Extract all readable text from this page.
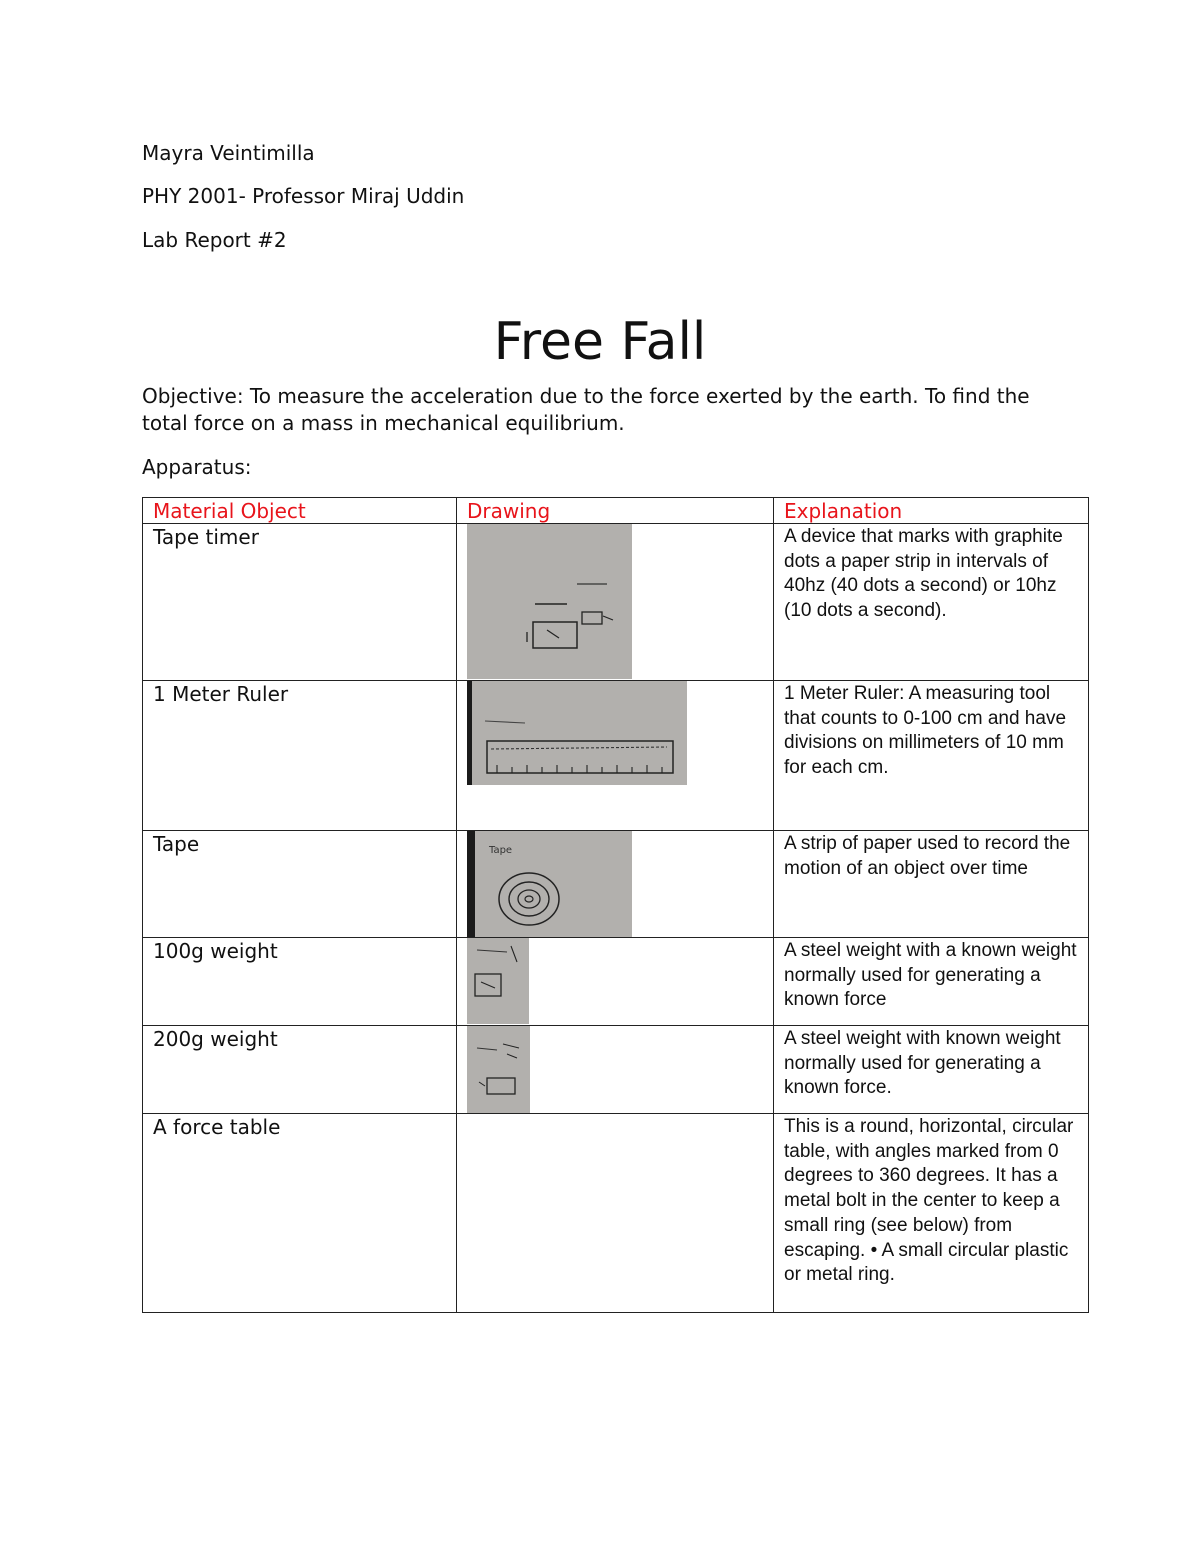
Mayra Veintimilla
PHY 2001- Professor Miraj Uddin
Lab Report #2
Free Fall
Objective: To measure the acceleration due to the force exerted by the earth. To find the total force on a mass in mechanical equilibrium.
Apparatus:
Material Object	Drawing	Explanation
Tape timer		A device that marks with graphite dots a paper strip in intervals of 40hz (40 dots a second) or 10hz (10 dots a second).
1 Meter Ruler		1 Meter Ruler: A measuring tool that counts to 0-100 cm and have divisions on millimeters of 10 mm for each cm.
Tape	Tape	A strip of paper used to record the motion of an object over time
100g weight		A steel weight with a known weight normally used for generating a known force
200g weight		A steel weight with known weight normally used for generating a known force.
A force table		This is a round, horizontal, circular table, with angles marked from 0 degrees to 360 degrees. It has a metal bolt in the center to keep a small ring (see below) from escaping. • A small circular plastic or metal ring.
